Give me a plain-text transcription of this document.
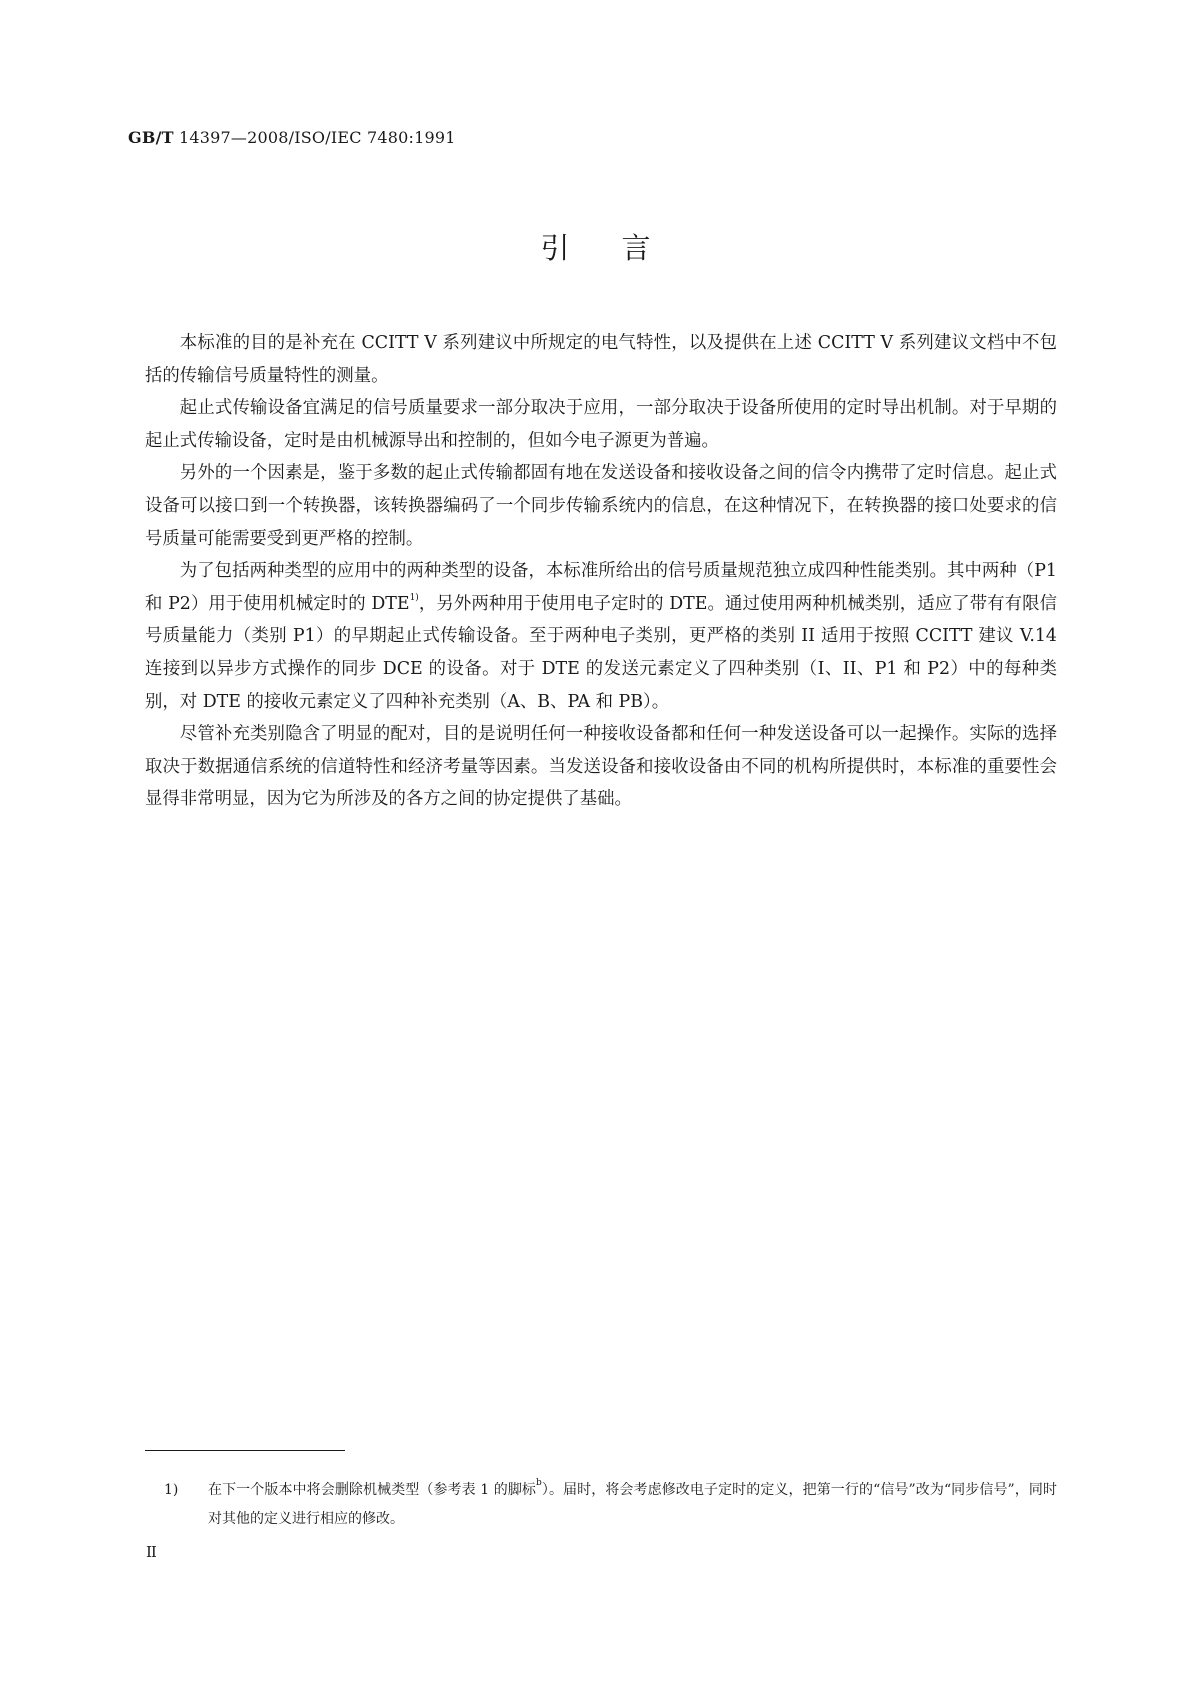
GB/T 14397—2008/ISO/IEC 7480:1991
引言

本标准的目的是补充在 CCITT V 系列建议中所规定的电气特性，以及提供在上述 CCITT V 系列建议文档中不包括的传输信号质量特性的测量。

起止式传输设备宜满足的信号质量要求一部分取决于应用，一部分取决于设备所使用的定时导出机制。对于早期的起止式传输设备，定时是由机械源导出和控制的，但如今电子源更为普遍。

另外的一个因素是，鉴于多数的起止式传输都固有地在发送设备和接收设备之间的信令内携带了定时信息。起止式设备可以接口到一个转换器，该转换器编码了一个同步传输系统内的信息，在这种情况下，在转换器的接口处要求的信号质量可能需要受到更严格的控制。

为了包括两种类型的应用中的两种类型的设备，本标准所给出的信号质量规范独立成四种性能类别。其中两种（P1 和 P2）用于使用机械定时的 DTE$^{1)}$，另外两种用于使用电子定时的 DTE。通过使用两种机械类别，适应了带有有限信号质量能力（类别 P1）的早期起止式传输设备。至于两种电子类别，更严格的类别 II 适用于按照 CCITT 建议 V.14 连接到以异步方式操作的同步 DCE 的设备。对于 DTE 的发送元素定义了四种类别（I、II、P1 和 P2）中的每种类别，对 DTE 的接收元素定义了四种补充类别（A、B、PA 和 PB）。

尽管补充类别隐含了明显的配对，目的是说明任何一种接收设备都和任何一种发送设备可以一起操作。实际的选择取决于数据通信系统的信道特性和经济考量等因素。当发送设备和接收设备由不同的机构所提供时，本标准的重要性会显得非常明显，因为它为所涉及的各方之间的协定提供了基础。

1) 在下一个版本中将会删除机械类型（参考表 1 的脚标$^b$）。届时，将会考虑修改电子定时的定义，把第一行的“信号”改为“同步信号”，同时对其他的定义进行相应的修改。
II
